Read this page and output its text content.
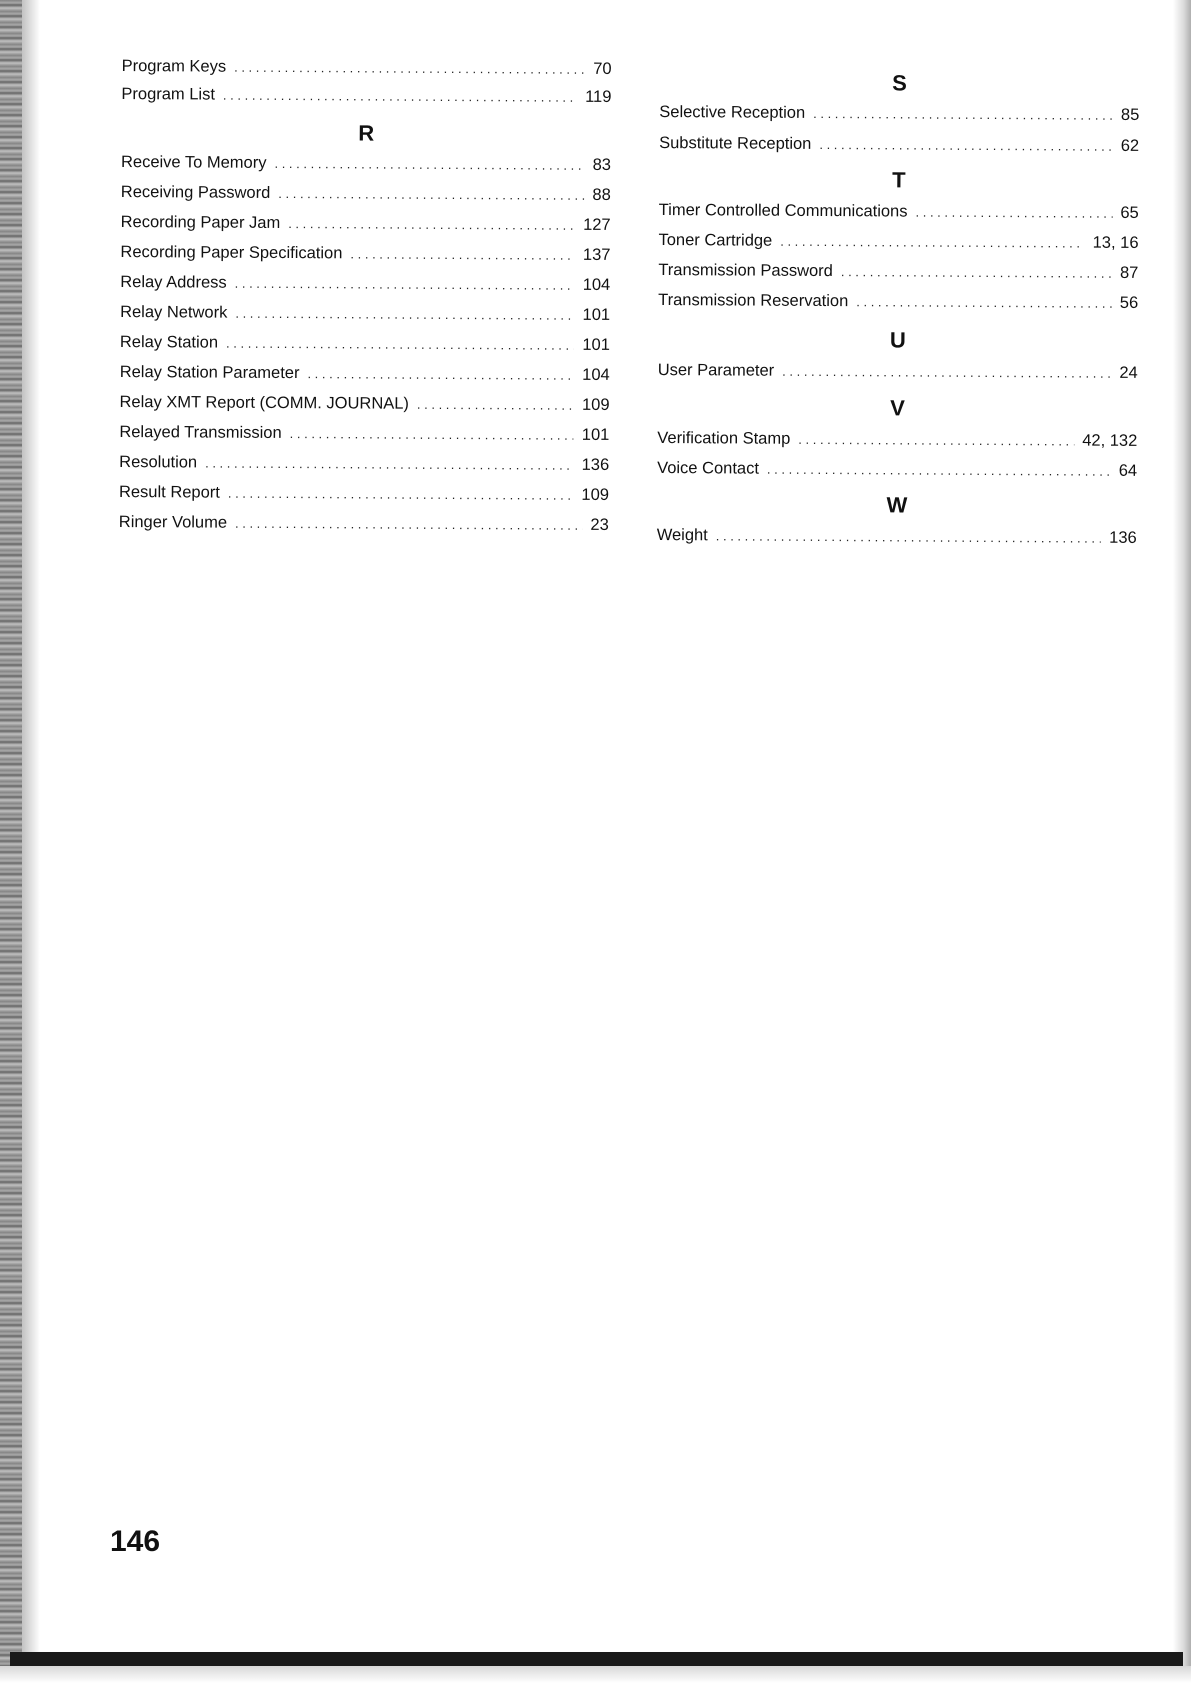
Program Keys . . .	70
Program List . . .	119
R
Receive To Memory . . .	83
Receiving Password . . .	88
Recording Paper Jam . . .	127
Recording Paper Specification . . .	137
Relay Address . . .	104
Relay Network . . .	101
Relay Station . . .	101
Relay Station Parameter . . .	104
Relay XMT Report (COMM. JOURNAL) . . .	109
Relayed Transmission . . .	101
Resolution . . .	136
Result Report . . .	109
Ringer Volume . . .	23
S
Selective Reception . . .	85
Substitute Reception . . .	62
T
Timer Controlled Communications . . .	65
Toner Cartridge . . .	13, 16
Transmission Password . . .	87
Transmission Reservation . . .	56
U
User Parameter . . .	24
V
Verification Stamp . . .	42, 132
Voice Contact . . .	64
W
Weight . . .	136
146
